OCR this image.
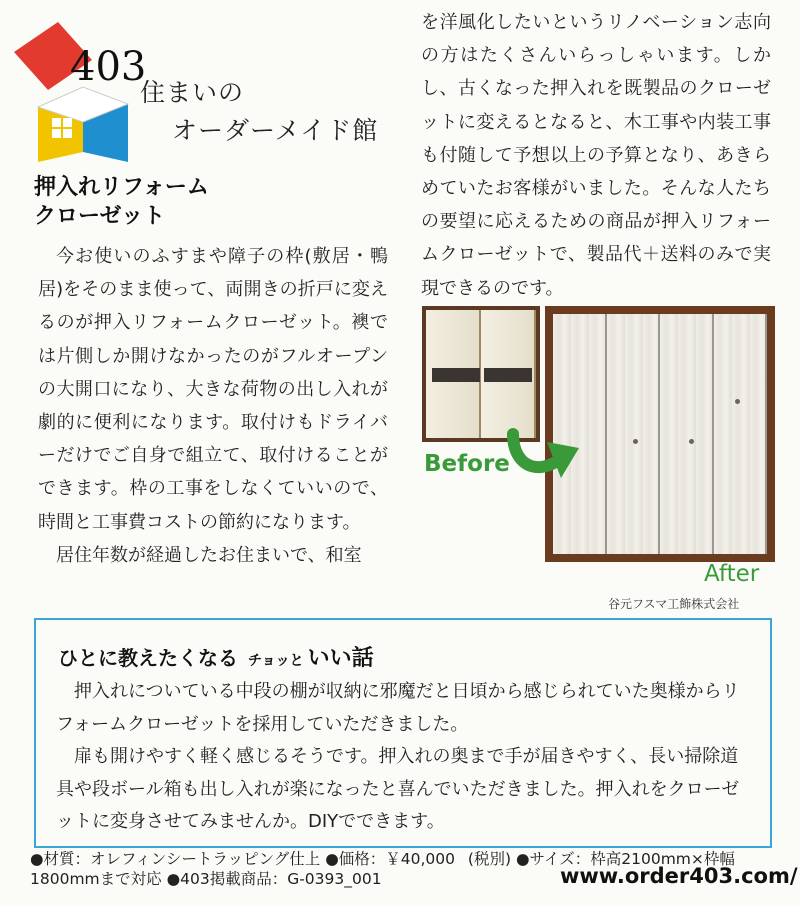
403
住まいの
オーダーメイド館
押入れリフォーム
クローゼット

今お使いのふすまや障子の枠(敷居・鴨居)をそのまま使って、両開きの折戸に変えるのが押入リフォームクローゼット。襖では片側しか開けなかったのがフルオープンの大開口になり、大きな荷物の出し入れが劇的に便利になります。取付けもドライバーだけでご自身で組立て、取付けることができます。枠の工事をしなくていいので、時間と工事費コストの節約になります。

居住年数が経過したお住まいで、和室

を洋風化したいというリノベーション志向の方はたくさんいらっしゃいます。しかし、古くなった押入れを既製品のクローゼットに変えるとなると、木工事や内装工事も付随して予想以上の予算となり、あきらめていたお客様がいました。そんな人たちの要望に応えるための商品が押入リフォームクローゼットで、製品代＋送料のみで実現できるのです。

Before
After
谷元フスマ工飾株式会社
ひとに教えたくなる チョッと いい話

押入れについている中段の棚が収納に邪魔だと日頃から感じられていた奥様からリフォームクローゼットを採用していただきました。

扉も開けやすく軽く感じるそうです。押入れの奥まで手が届きやすく、長い掃除道具や段ボール箱も出し入れが楽になったと喜んでいただきました。押入れをクローゼットに変身させてみませんか。DIYでできます。

●材質：オレフィンシートラッピング仕上 ●価格：￥40,000 (税別) ●サイズ：枠高2100mm×枠幅1800mmまで対応 ●403掲載商品：G-0393_001	www.order403.com/
